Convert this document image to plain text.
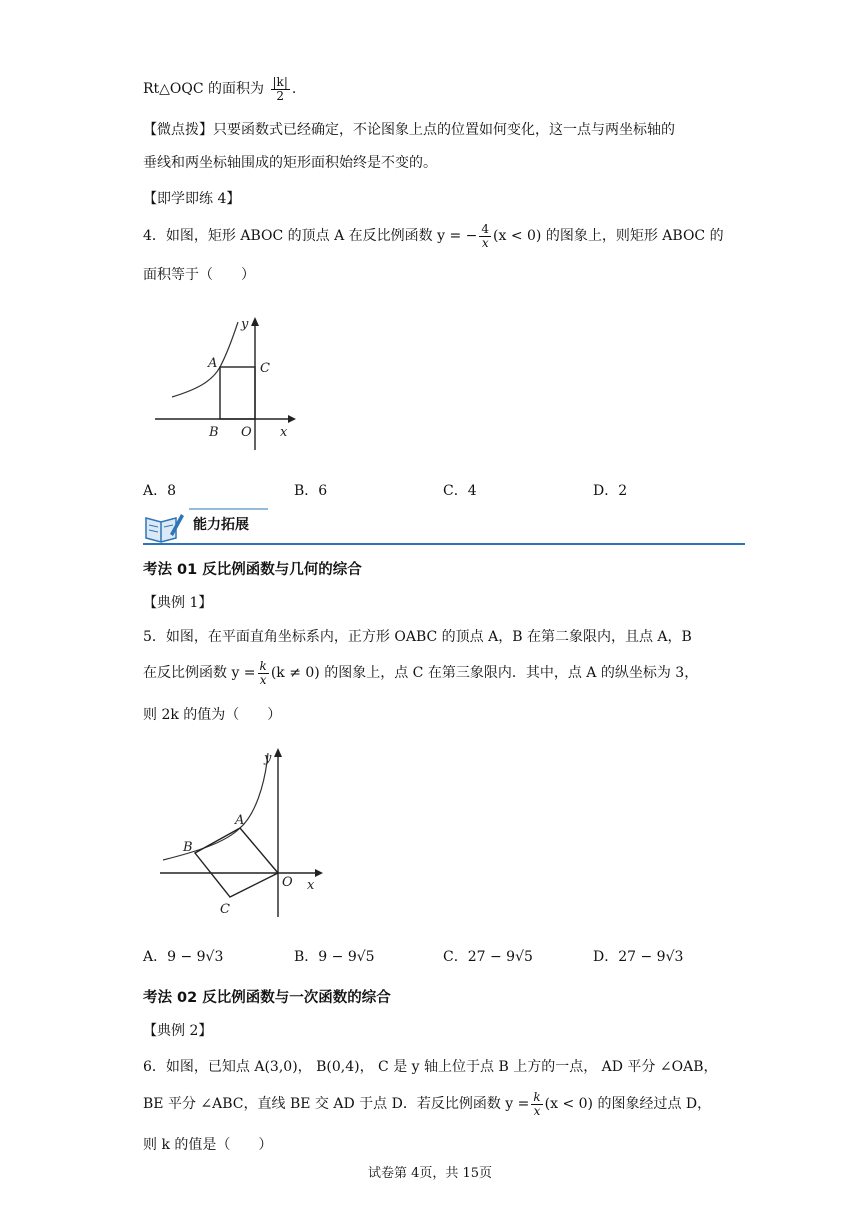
Rt△OQC 的面积为 $\frac{|k|}{2}$ .
【微点拨】只要函数式已经确定，不论图象上点的位置如何变化，这一点与两坐标轴的
垂线和两坐标轴围成的矩形面积始终是不变的。
【即学即练 4】
4．如图，矩形 ABOC 的顶点 A 在反比例函数 y = − $\frac{4}{x} (x < 0)$ 的图象上，则矩形 ABOC 的
面积等于（　　）
A	C
B O x
y
A．8	B．6	C．4	D．2
能力拓展
考法 01 反比例函数与几何的综合
【典例 1】
5．如图，在平面直角坐标系内，正方形 OABC 的顶点 A，B 在第二象限内，且点 A，B
在反比例函数 $y = \frac{k}{x} (k \ne 0)$ 的图象上，点 C 在第三象限内．其中，点 A 的纵坐标为 3，
则 2k 的值为（　　）
A
B
C
O x
y
A．9 − 9√3	B．9 − 9√5	C．27 − 9√5	D．27 − 9√3
考法 02 反比例函数与一次函数的综合
【典例 2】
6．如图，已知点 A(3,0)， B(0,4)， C 是 y 轴上位于点 B 上方的一点， AD 平分 ∠OAB，
BE 平分 ∠ABC，直线 BE 交 AD 于点 D．若反比例函数 $y = \frac{k}{x} (x < 0)$ 的图象经过点 D，
则 k 的值是（　　）
试卷第 4页，共 15页
